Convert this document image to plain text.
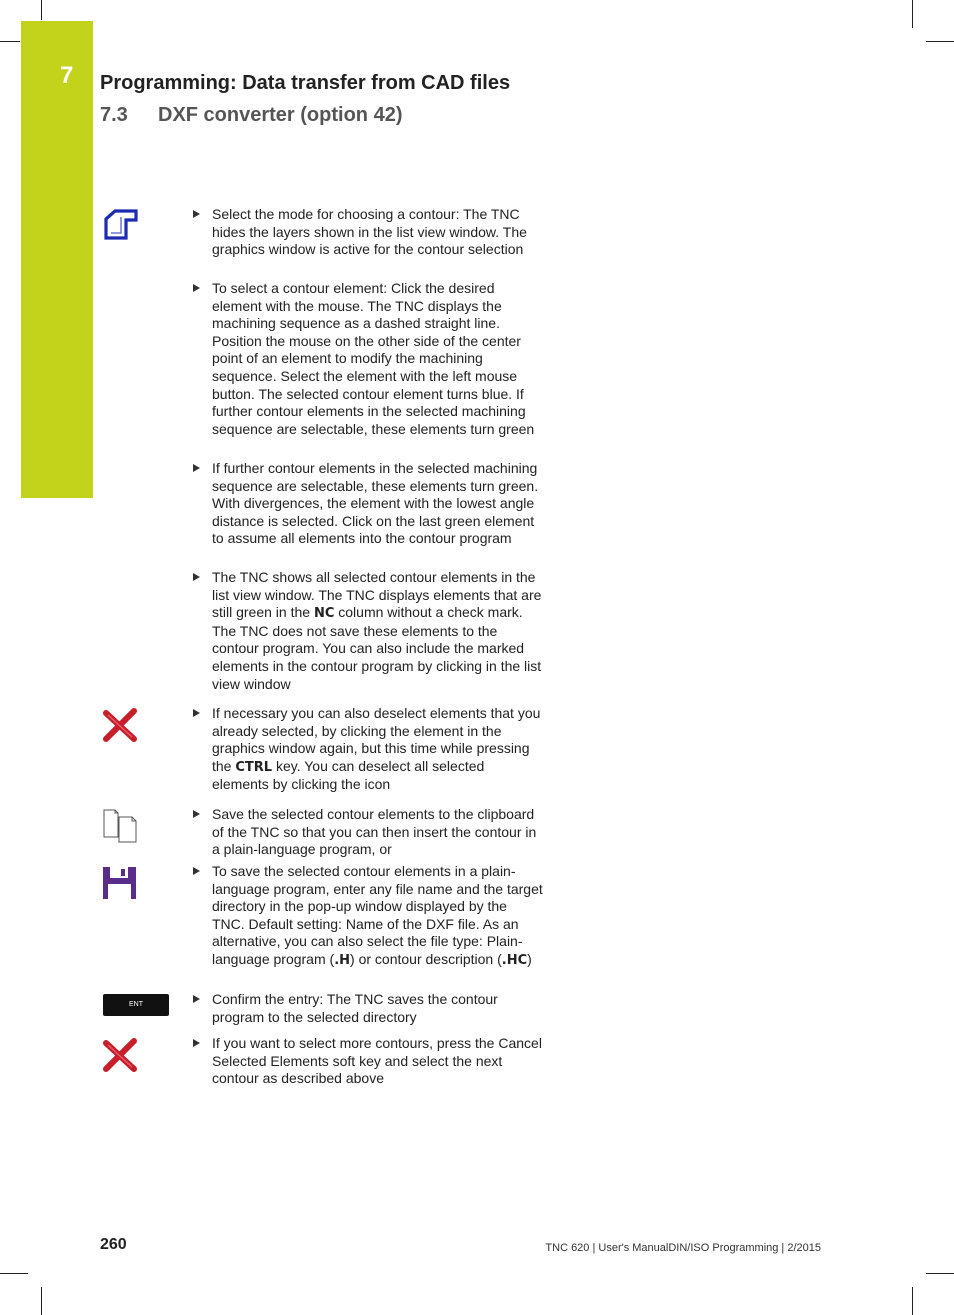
7 Programming: Data transfer from CAD files
7.3 DXF converter (option 42)
ENT
Select the mode for choosing a contour: The TNC hides the layers shown in the list view window. The graphics window is active for the contour selection
To select a contour element: Click the desired element with the mouse. The TNC displays the machining sequence as a dashed straight line. Position the mouse on the other side of the center point of an element to modify the machining sequence. Select the element with the left mouse button. The selected contour element turns blue. If further contour elements in the selected machining sequence are selectable, these elements turn green
If further contour elements in the selected machining sequence are selectable, these elements turn green. With divergences, the element with the lowest angle distance is selected. Click on the last green element to assume all elements into the contour program
The TNC shows all selected contour elements in the list view window. The TNC displays elements that are still green in the NC column without a check mark. The TNC does not save these elements to the contour program. You can also include the marked elements in the contour program by clicking in the list view window
If necessary you can also deselect elements that you already selected, by clicking the element in the graphics window again, but this time while pressing the CTRL key. You can deselect all selected elements by clicking the icon
Save the selected contour elements to the clipboard of the TNC so that you can then insert the contour in a plain-language program, or
To save the selected contour elements in a plain-language program, enter any file name and the target directory in the pop-up window displayed by the TNC. Default setting: Name of the DXF file. As an alternative, you can also select the file type: Plain-language program (.H) or contour description (.HC)
Confirm the entry: The TNC saves the contour program to the selected directory
If you want to select more contours, press the Cancel Selected Elements soft key and select the next contour as described above
260	TNC 620 | User's ManualDIN/ISO Programming | 2/2015
